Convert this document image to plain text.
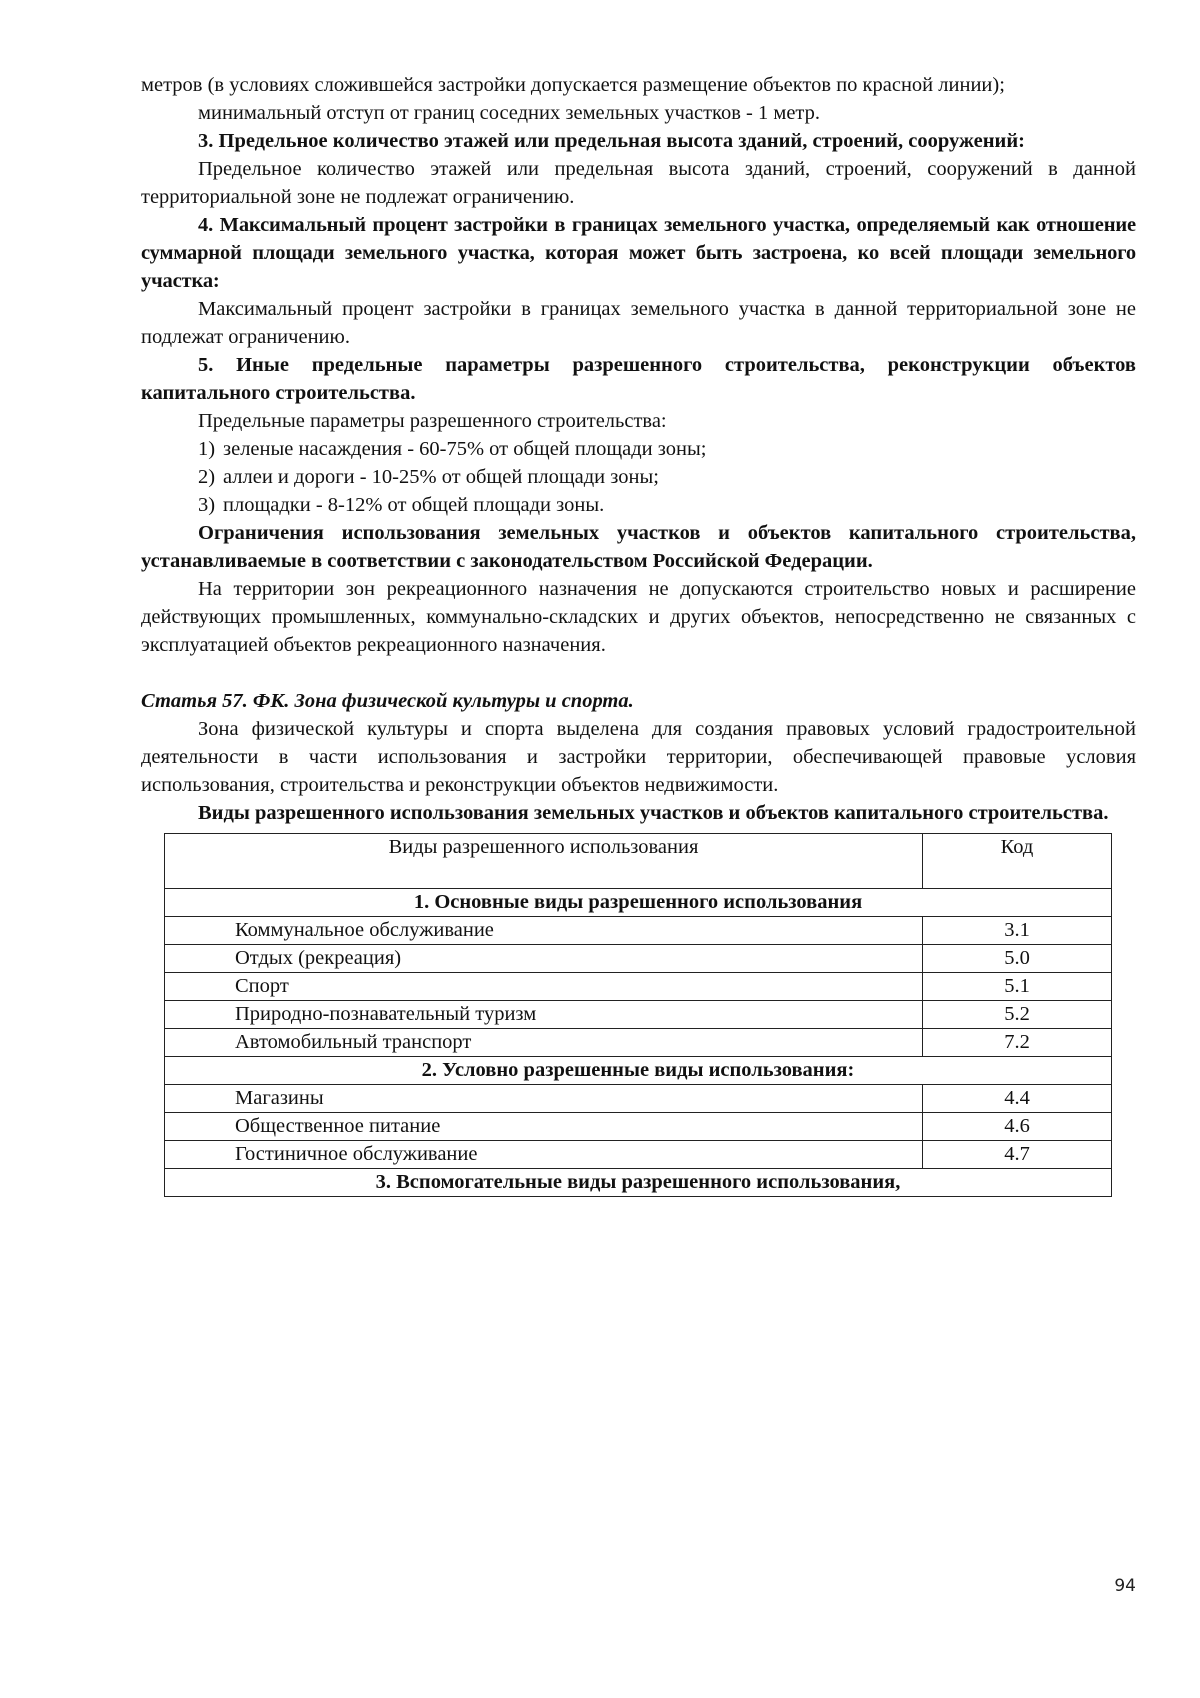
метров (в условиях сложившейся застройки допускается размещение объектов по красной линии);

минимальный отступ от границ соседних земельных участков - 1 метр.

3. Предельное количество этажей или предельная высота зданий, строений, сооружений:

Предельное количество этажей или предельная высота зданий, строений, сооружений в данной территориальной зоне не подлежат ограничению.

4. Максимальный процент застройки в границах земельного участка, определяемый как отношение суммарной площади земельного участка, которая может быть застроена, ко всей площади земельного участка:

Максимальный процент застройки в границах земельного участка в данной территориальной зоне не подлежат ограничению.

5. Иные предельные параметры разрешенного строительства, реконструкции объектов капитального строительства.

Предельные параметры разрешенного строительства:

1) зеленые насаждения - 60-75% от общей площади зоны;

2) аллеи и дороги - 10-25% от общей площади зоны;

3) площадки - 8-12% от общей площади зоны.

Ограничения использования земельных участков и объектов капитального строительства, устанавливаемые в соответствии с законодательством Российской Федерации.

На территории зон рекреационного назначения не допускаются строительство новых и расширение действующих промышленных, коммунально-складских и других объектов, непосредственно не связанных с эксплуатацией объектов рекреационного назначения.

Статья 57. ФК. Зона физической культуры и спорта.

Зона физической культуры и спорта выделена для создания правовых условий градостроительной деятельности в части использования и застройки территории, обеспечивающей правовые условия использования, строительства и реконструкции объектов недвижимости.

Виды разрешенного использования земельных участков и объектов капитального строительства.

Виды разрешенного использования	Код
1. Основные виды разрешенного использования	
Коммунальное обслуживание	3.1
Отдых (рекреация)	5.0
Спорт	5.1
Природно-познавательный туризм	5.2
Автомобильный транспорт	7.2
2. Условно разрешенные виды использования:	
Магазины	4.4
Общественное питание	4.6
Гостиничное обслуживание	4.7
3. Вспомогательные виды разрешенного использования,	
94
